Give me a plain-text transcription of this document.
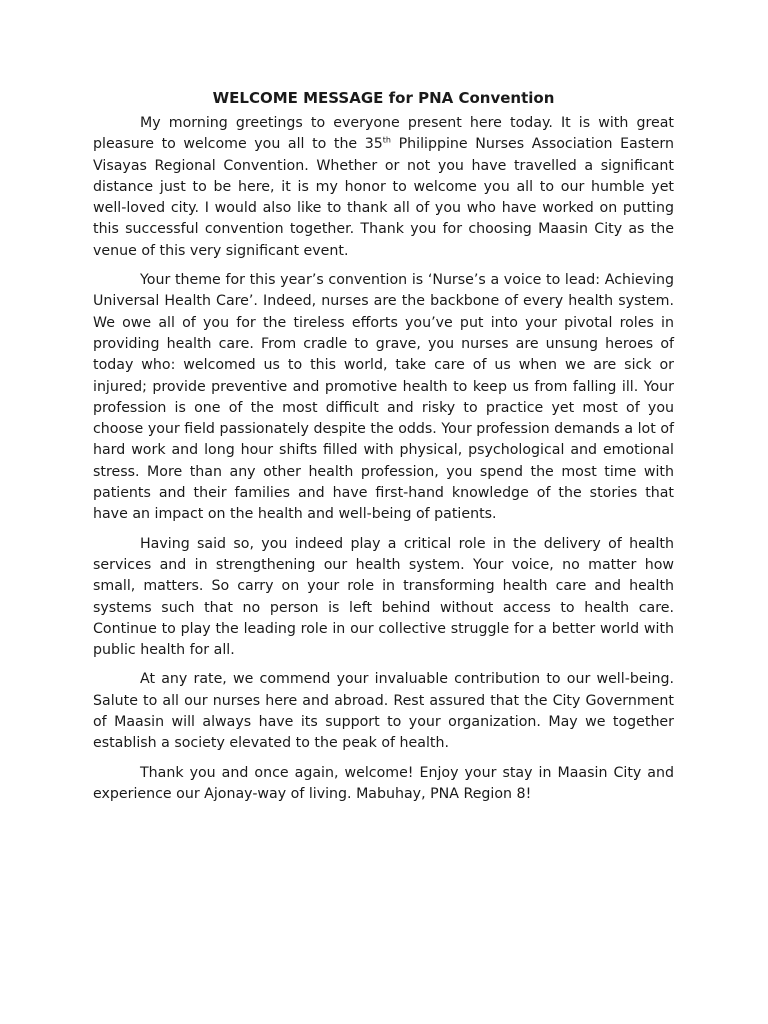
WELCOME MESSAGE for PNA Convention

My morning greetings to everyone present here today. It is with great pleasure to welcome you all to the 35th Philippine Nurses Association Eastern Visayas Regional Convention. Whether or not you have travelled a significant distance just to be here, it is my honor to welcome you all to our humble yet well-loved city. I would also like to thank all of you who have worked on putting this successful convention together. Thank you for choosing Maasin City as the venue of this very significant event.

Your theme for this year’s convention is ‘Nurse’s a voice to lead: Achieving Universal Health Care’. Indeed, nurses are the backbone of every health system. We owe all of you for the tireless efforts you’ve put into your pivotal roles in providing health care. From cradle to grave, you nurses are unsung heroes of today who: welcomed us to this world, take care of us when we are sick or injured; provide preventive and promotive health to keep us from falling ill. Your profession is one of the most difficult and risky to practice yet most of you choose your field passionately despite the odds. Your profession demands a lot of hard work and long hour shifts filled with physical, psychological and emotional stress. More than any other health profession, you spend the most time with patients and their families and have first-hand knowledge of the stories that have an impact on the health and well-being of patients.

Having said so, you indeed play a critical role in the delivery of health services and in strengthening our health system. Your voice, no matter how small, matters. So carry on your role in transforming health care and health systems such that no person is left behind without access to health care. Continue to play the leading role in our collective struggle for a better world with public health for all.

At any rate, we commend your invaluable contribution to our well-being. Salute to all our nurses here and abroad. Rest assured that the City Government of Maasin will always have its support to your organization. May we together establish a society elevated to the peak of health.

Thank you and once again, welcome! Enjoy your stay in Maasin City and experience our Ajonay-way of living. Mabuhay, PNA Region 8!
